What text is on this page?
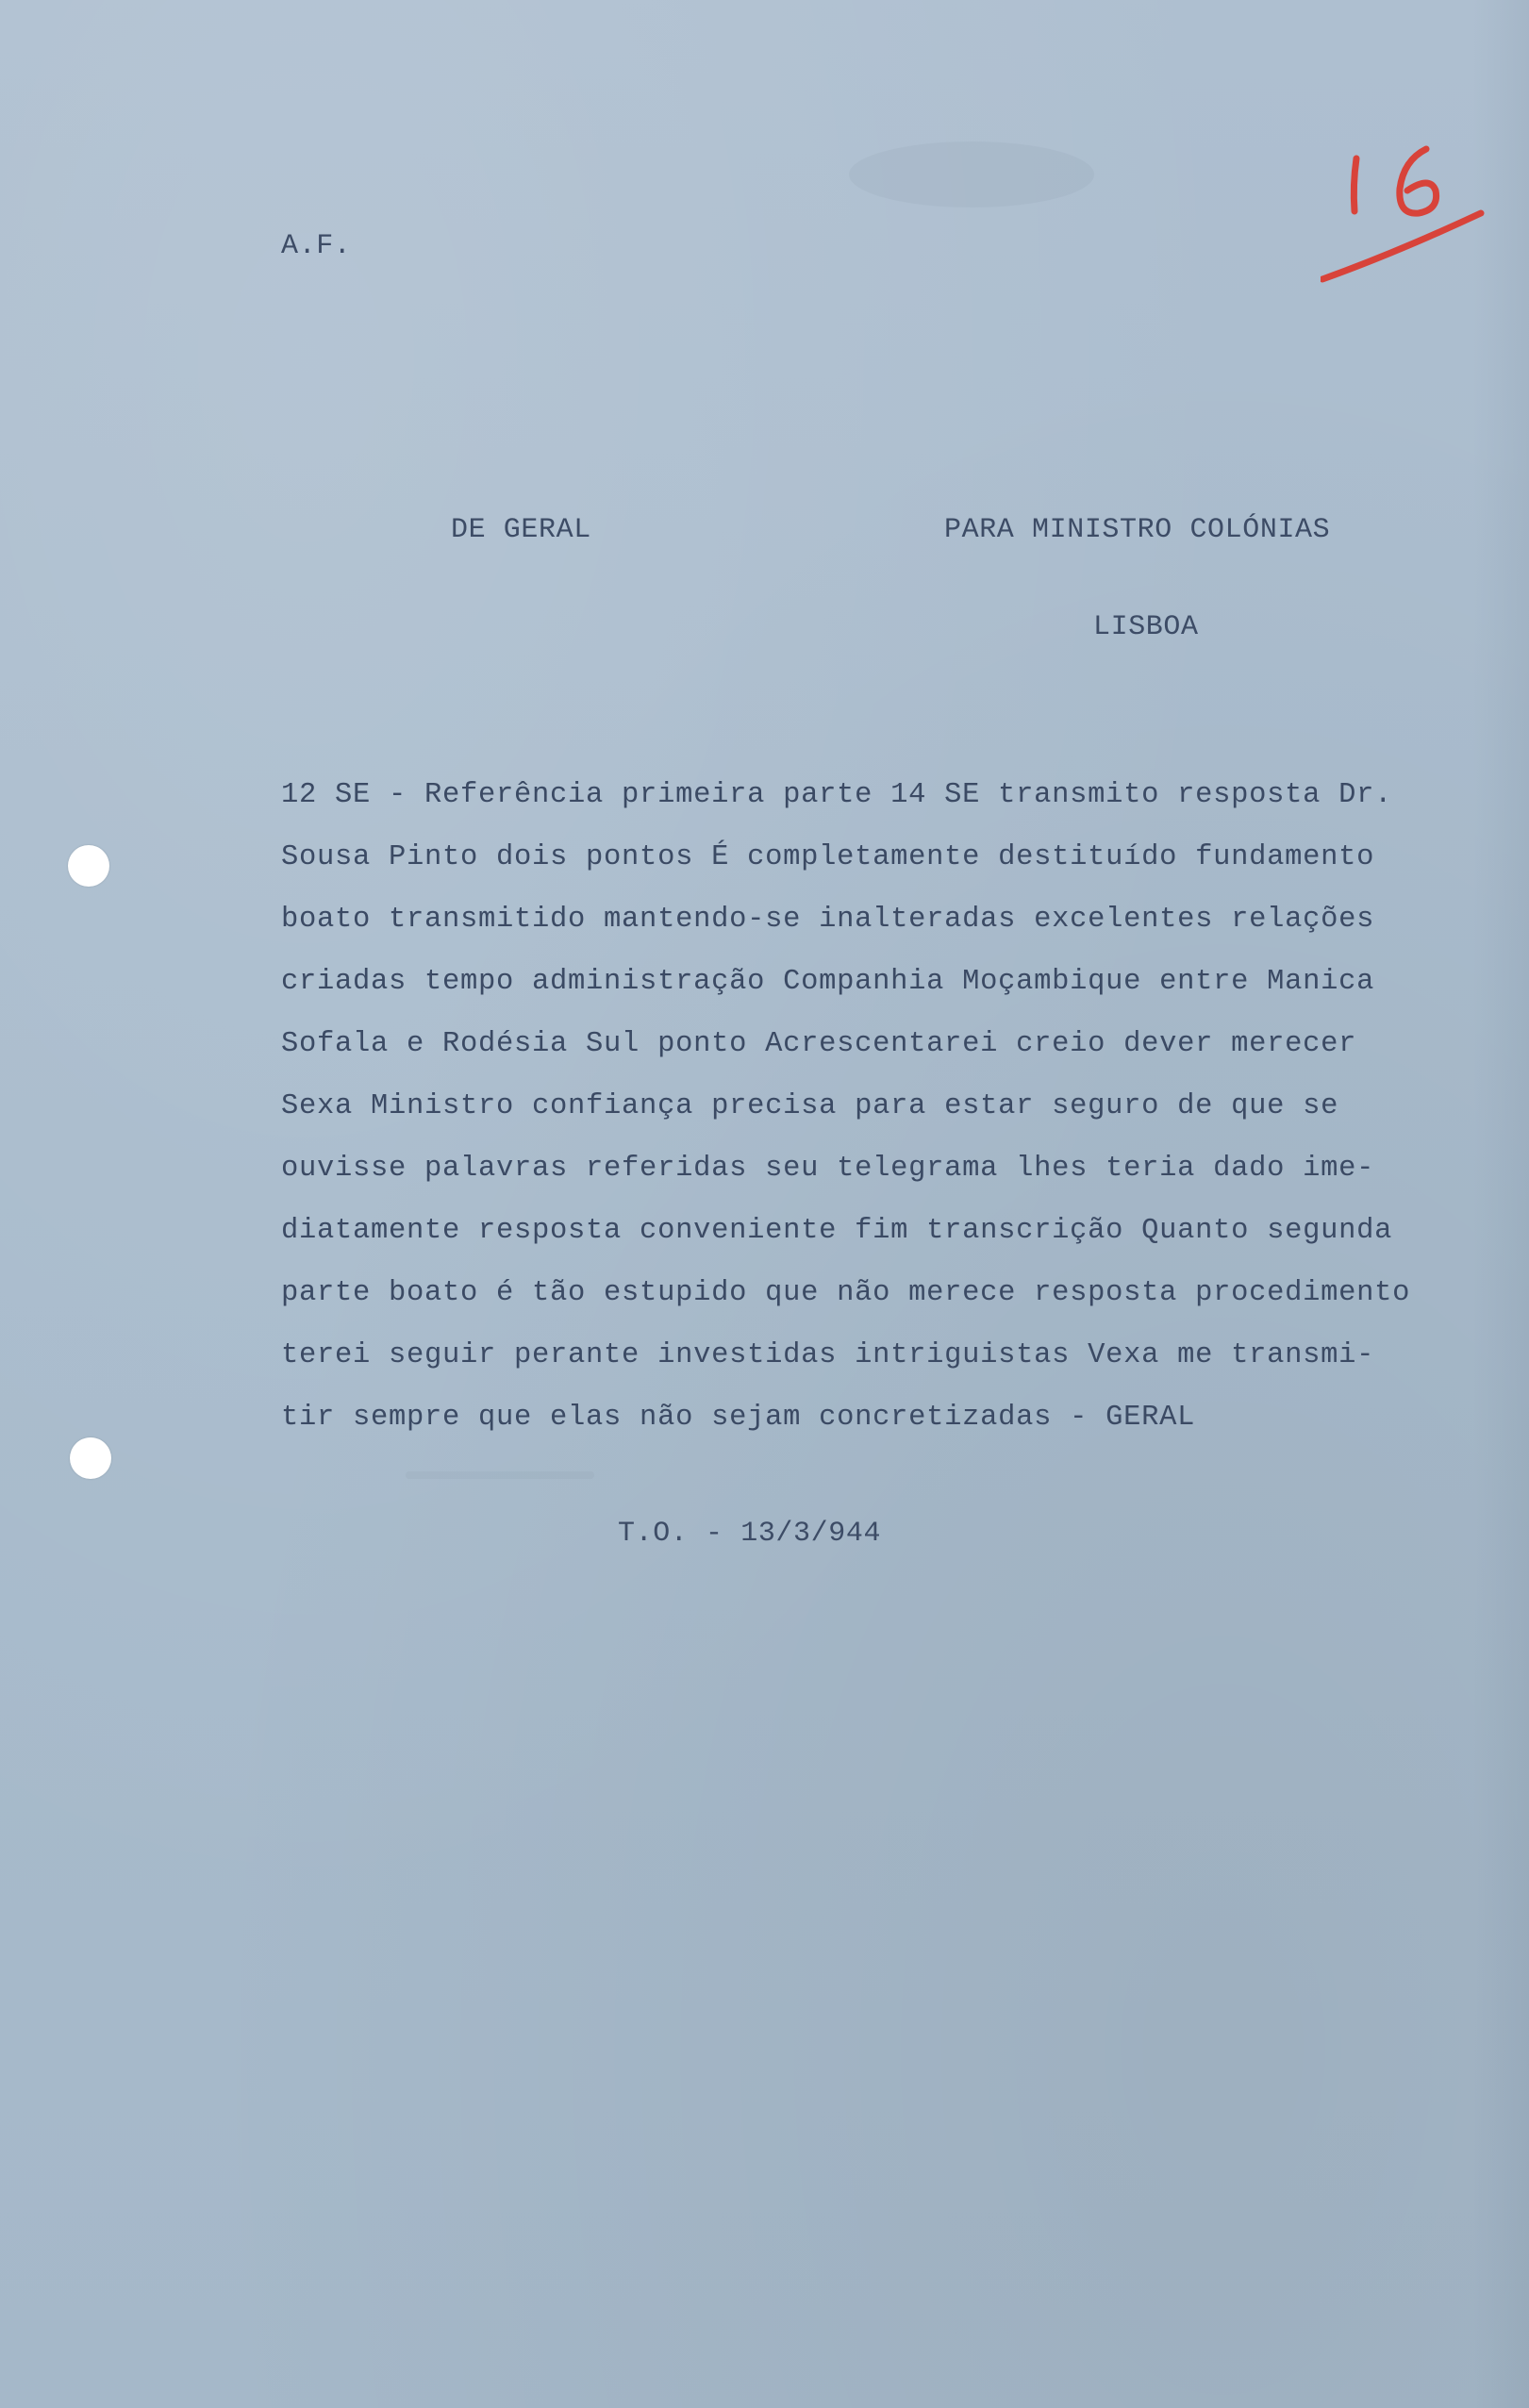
A.F.

DE GERAL	PARA MINISTRO COLÓNIAS

LISBOA

12 SE - Referência primeira parte 14 SE transmito resposta Dr.
Sousa Pinto dois pontos É completamente destituído fundamento
boato transmitido mantendo-se inalteradas excelentes relações
criadas tempo administração Companhia Moçambique entre Manica
Sofala e Rodésia Sul ponto Acrescentarei creio dever merecer
Sexa Ministro confiança precisa para estar seguro de que se
ouvisse palavras referidas seu telegrama lhes teria dado ime-
diatamente resposta conveniente fim transcrição Quanto segunda
parte boato é tão estupido que não merece resposta procedimento
terei seguir perante investidas intriguistas Vexa me transmi-
tir sempre que elas não sejam concretizadas - GERAL

T.O. - 13/3/944
